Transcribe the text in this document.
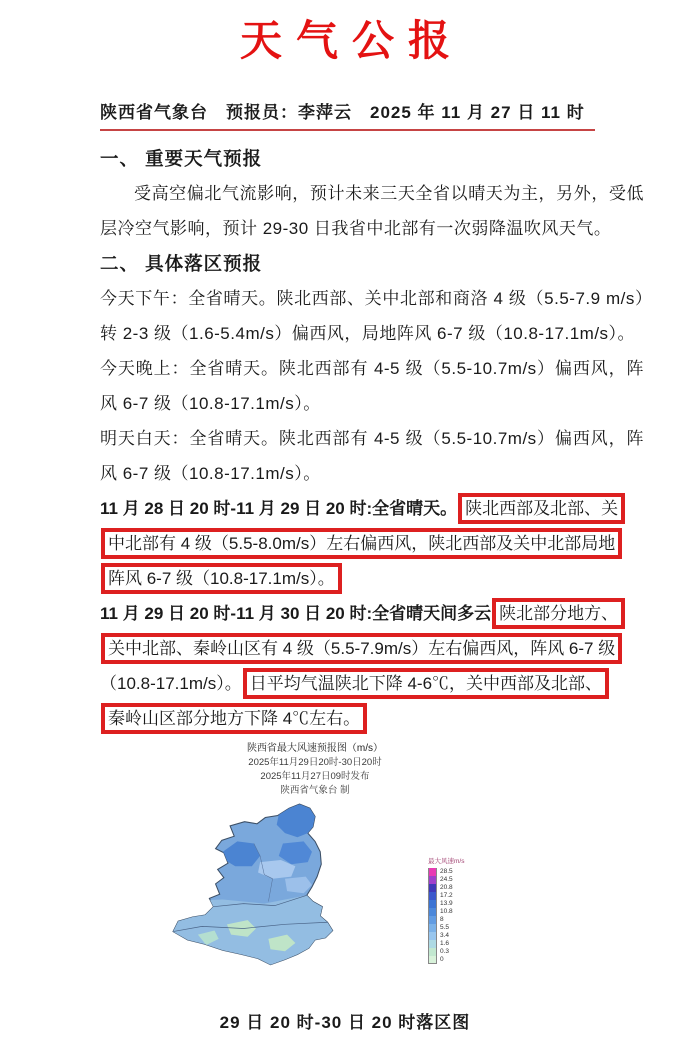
天气公报
陕西省气象台　预报员：李萍云　2025 年 11 月 27 日 11 时
一、 重要天气预报

受高空偏北气流影响，预计未来三天全省以晴天为主，另外，受低层冷空气影响，预计 29-30 日我省中北部有一次弱降温吹风天气。

二、 具体落区预报

今天下午：全省晴天。陕北西部、关中北部和商洛 4 级（5.5-7.9 m/s）转 2-3 级（1.6-5.4m/s）偏西风，局地阵风 6-7 级（10.8-17.1m/s）。

今天晚上：全省晴天。陕北西部有 4-5 级（5.5-10.7m/s）偏西风，阵风 6-7 级（10.8-17.1m/s）。

明天白天：全省晴天。陕北西部有 4-5 级（5.5-10.7m/s）偏西风，阵风 6-7 级（10.8-17.1m/s）。

11 月 28 日 20 时-11 月 29 日 20 时:全省晴天。 陕北西部及北部、关
中北部有 4 级（5.5-8.0m/s）左右偏西风，陕北西部及关中北部局地
阵风 6-7 级（10.8-17.1m/s）。

11 月 29 日 20 时-11 月 30 日 20 时:全省晴天间多云 陕北部分地方、
关中北部、秦岭山区有 4 级（5.5-7.9m/s）左右偏西风，阵风 6-7 级
（10.8-17.1m/s）。 日平均气温陕北下降 4-6℃，关中西部及北部、
秦岭山区部分地方下降 4℃左右。

陕西省最大风速预报图（m/s）
2025年11月29日20时-30日20时
2025年11月27日09时发布
陕西省气象台 制
最大风速m/s
28.5
24.5
20.8
17.2
13.9
10.8
8
5.5
3.4
1.6
0.3
0
29 日 20 时-30 日 20 时落区图
